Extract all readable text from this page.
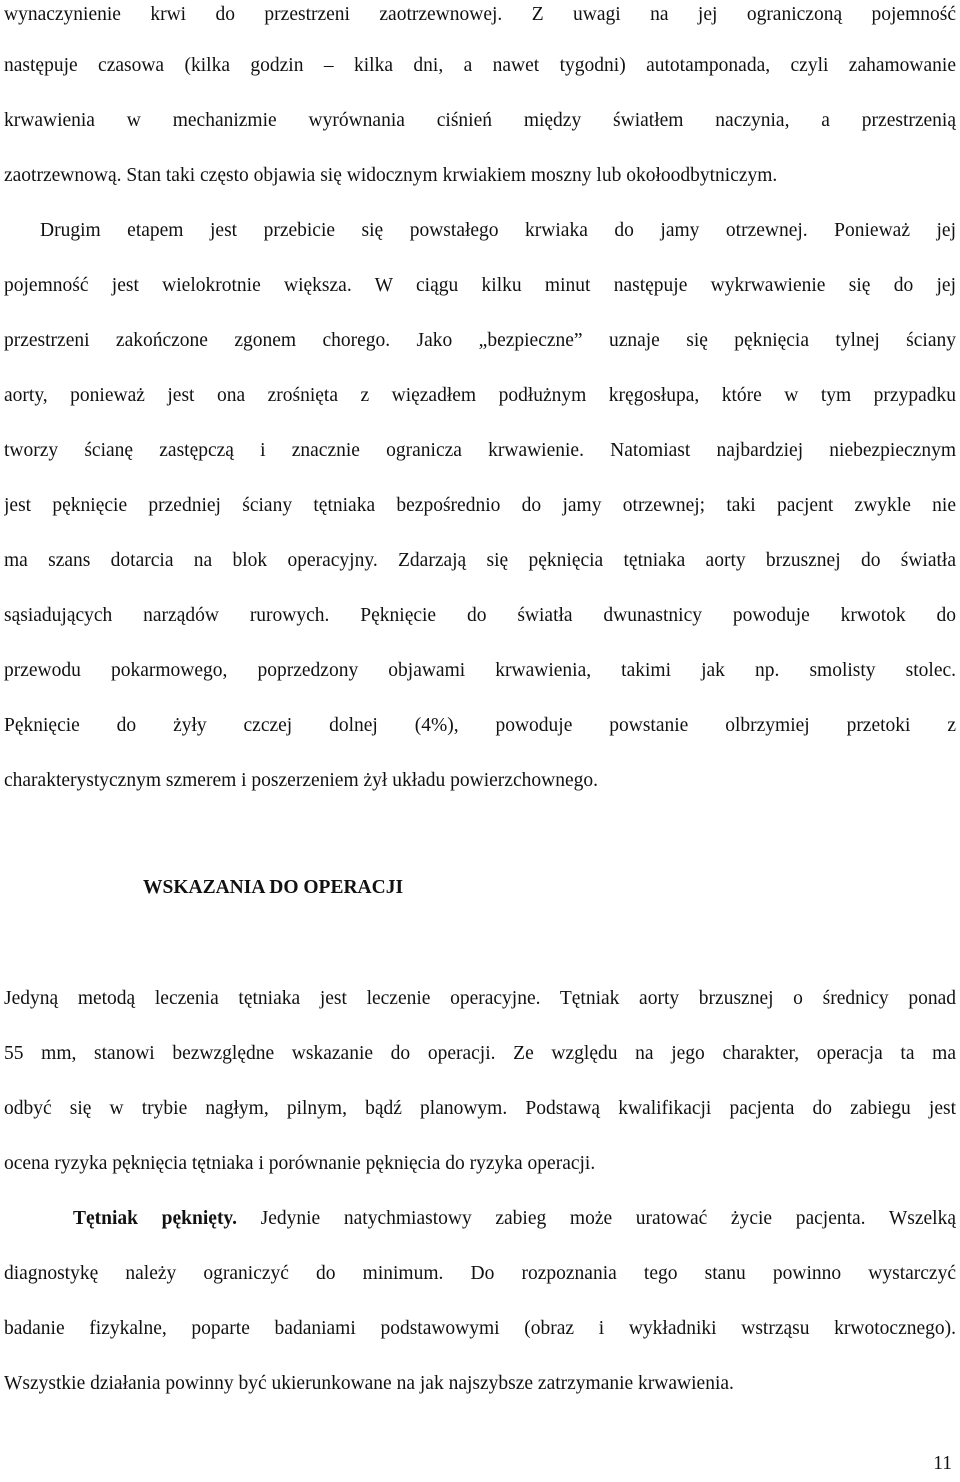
wynaczynienie krwi do przestrzeni zaotrzewnowej. Z uwagi na jej ograniczoną pojemność
następuje czasowa (kilka godzin – kilka dni, a nawet tygodni) autotamponada, czyli zahamowanie
krwawienia w mechanizmie wyrównania ciśnień między światłem naczynia, a przestrzenią
zaotrzewnową. Stan taki często objawia się widocznym krwiakiem moszny lub okołoodbytniczym.
Drugim etapem jest przebicie się powstałego krwiaka do jamy otrzewnej. Ponieważ jej
pojemność jest wielokrotnie większa. W ciągu kilku minut następuje wykrwawienie się do jej
przestrzeni zakończone zgonem chorego. Jako „bezpieczne” uznaje się pęknięcia tylnej ściany
aorty, ponieważ jest ona zrośnięta z więzadłem podłużnym kręgosłupa, które w tym przypadku
tworzy ścianę zastępczą i znacznie ogranicza krwawienie. Natomiast najbardziej niebezpiecznym
jest pęknięcie przedniej ściany tętniaka bezpośrednio do jamy otrzewnej; taki pacjent zwykle nie
ma szans dotarcia na blok operacyjny. Zdarzają się pęknięcia tętniaka aorty brzusznej do światła
sąsiadujących narządów rurowych. Pęknięcie do światła dwunastnicy powoduje krwotok do
przewodu pokarmowego, poprzedzony objawami krwawienia, takimi jak np. smolisty stolec.
Pęknięcie do żyły czczej dolnej (4%), powoduje powstanie olbrzymiej przetoki z
charakterystycznym szmerem i poszerzeniem żył układu powierzchownego.
WSKAZANIA DO OPERACJI
Jedyną metodą leczenia tętniaka jest leczenie operacyjne. Tętniak aorty brzusznej o średnicy ponad
55 mm, stanowi bezwzględne wskazanie do operacji. Ze względu na jego charakter, operacja ta ma
odbyć się w trybie nagłym, pilnym, bądź planowym. Podstawą kwalifikacji pacjenta do zabiegu jest
ocena ryzyka pęknięcia tętniaka i porównanie pęknięcia do ryzyka operacji.
Tętniak pęknięty. Jedynie natychmiastowy zabieg może uratować życie pacjenta. Wszelką
diagnostykę należy ograniczyć do minimum. Do rozpoznania tego stanu powinno wystarczyć
badanie fizykalne, poparte badaniami podstawowymi (obraz i wykładniki wstrząsu krwotocznego).
Wszystkie działania powinny być ukierunkowane na jak najszybsze zatrzymanie krwawienia.
11
